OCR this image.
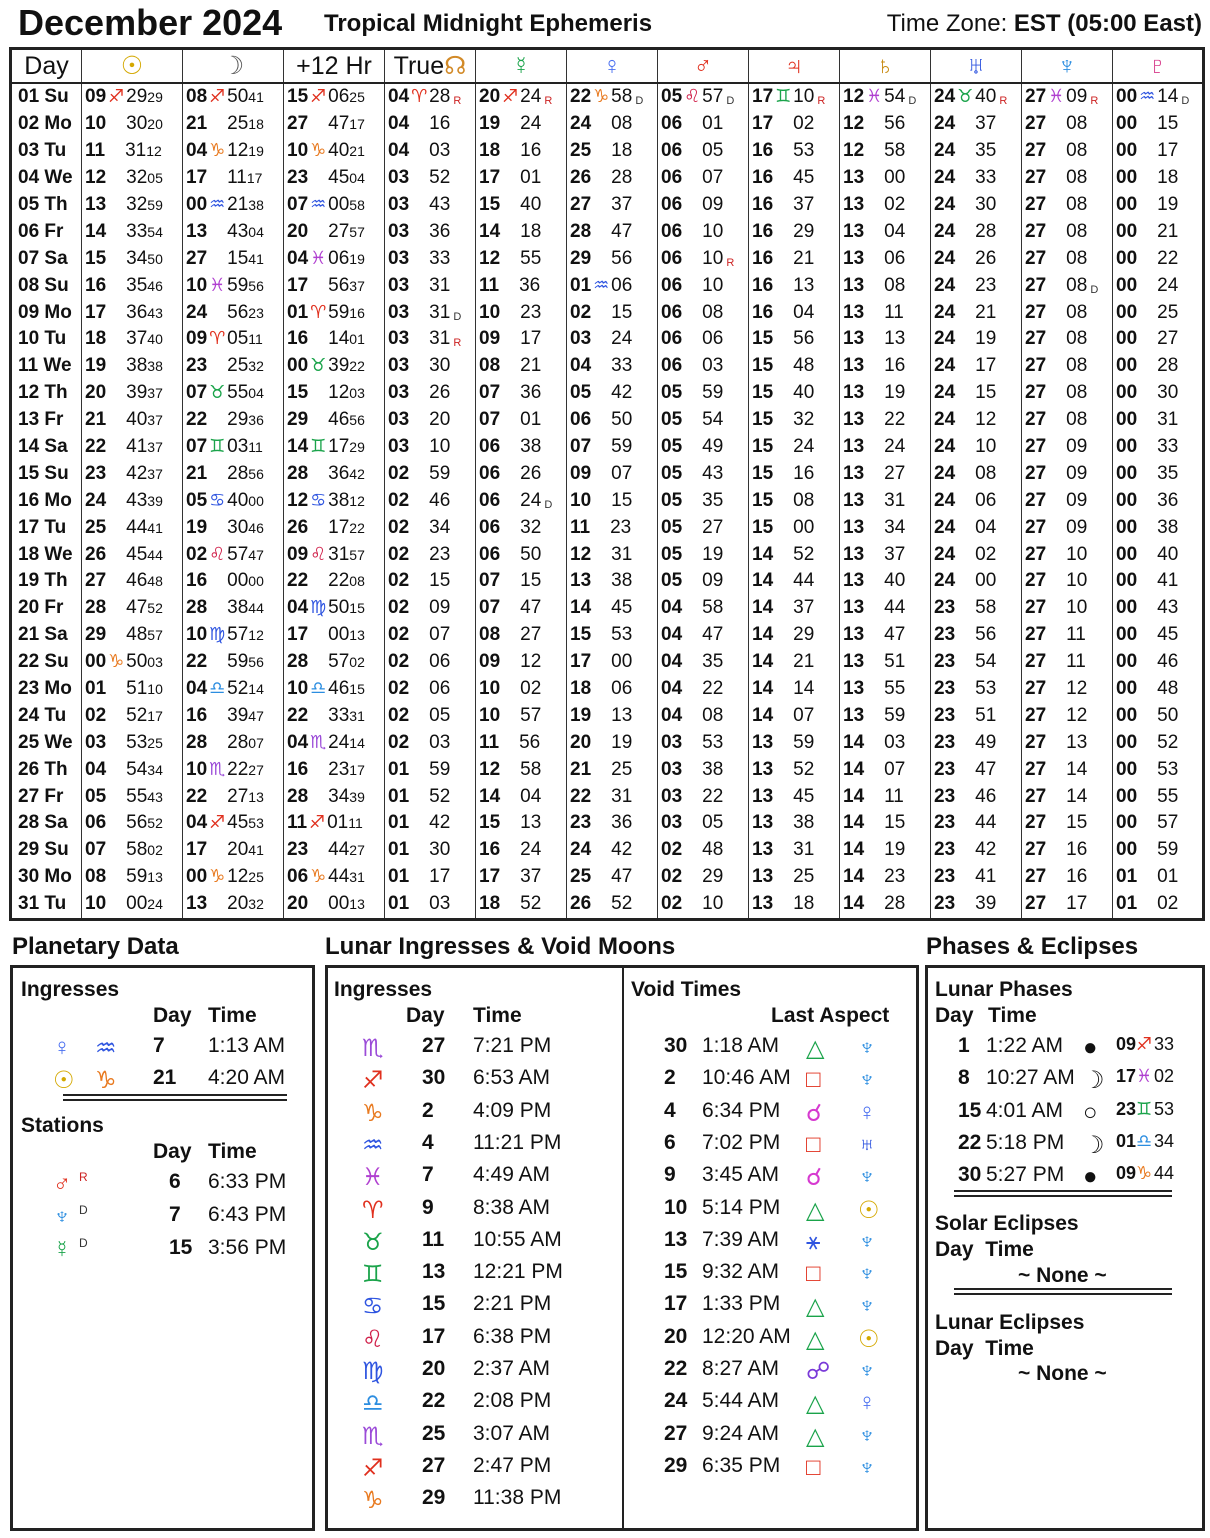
December 2024 Tropical Midnight Ephemeris	Time Zone: EST (05:00 East)
Day	☉	☽	+12 Hr	True☊	☿	♀	♂	♃	♄	♅	♆	♇
01 Su	09 ♐ 2929	08 ♐ 5041	15 ♐ 0625	04 ♈ 28 R	20 ♐ 24 R	22 ♑ 58 D	05 ♌ 57 D	17 ♊ 10 R	12 ♓ 54 D	24 ♉ 40 R	27 ♓ 09 R	00 ♒ 14 D
02 Mo	10 3020	21 2518	27 4717	04 16	19 24	24 08	06 01	17 02	12 56	24 37	27 08	00 15
03 Tu	11 3112	04 ♑ 1219	10 ♑ 4021	04 03	18 16	25 18	06 05	16 53	12 58	24 35	27 08	00 17
04 We	12 3205	17 1117	23 4504	03 52	17 01	26 28	06 07	16 45	13 00	24 33	27 08	00 18
05 Th	13 3259	00 ♒ 2138	07 ♒ 0058	03 43	15 40	27 37	06 09	16 37	13 02	24 30	27 08	00 19
06 Fr	14 3354	13 4304	20 2757	03 36	14 18	28 47	06 10	16 29	13 04	24 28	27 08	00 21
07 Sa	15 3450	27 1541	04 ♓ 0619	03 33	12 55	29 56	06 10 R	16 21	13 06	24 26	27 08	00 22
08 Su	16 3546	10 ♓ 5956	17 5637	03 31	11 36	01 ♒ 06	06 10	16 13	13 08	24 23	27 08 D	00 24
09 Mo	17 3643	24 5623	01 ♈ 5916	03 31 D	10 23	02 15	06 08	16 04	13 11	24 21	27 08	00 25
10 Tu	18 3740	09 ♈ 0511	16 1401	03 31 R	09 17	03 24	06 06	15 56	13 13	24 19	27 08	00 27
11 We	19 3838	23 2532	00 ♉ 3922	03 30	08 21	04 33	06 03	15 48	13 16	24 17	27 08	00 28
12 Th	20 3937	07 ♉ 5504	15 1203	03 26	07 36	05 42	05 59	15 40	13 19	24 15	27 08	00 30
13 Fr	21 4037	22 2936	29 4656	03 20	07 01	06 50	05 54	15 32	13 22	24 12	27 08	00 31
14 Sa	22 4137	07 ♊ 0311	14 ♊ 1729	03 10	06 38	07 59	05 49	15 24	13 24	24 10	27 09	00 33
15 Su	23 4237	21 2856	28 3642	02 59	06 26	09 07	05 43	15 16	13 27	24 08	27 09	00 35
16 Mo	24 4339	05 ♋ 4000	12 ♋ 3812	02 46	06 24 D	10 15	05 35	15 08	13 31	24 06	27 09	00 36
17 Tu	25 4441	19 3046	26 1722	02 34	06 32	11 23	05 27	15 00	13 34	24 04	27 09	00 38
18 We	26 4544	02 ♌ 5747	09 ♌ 3157	02 23	06 50	12 31	05 19	14 52	13 37	24 02	27 10	00 40
19 Th	27 4648	16 0000	22 2208	02 15	07 15	13 38	05 09	14 44	13 40	24 00	27 10	00 41
20 Fr	28 4752	28 3844	04 ♍ 5015	02 09	07 47	14 45	04 58	14 37	13 44	23 58	27 10	00 43
21 Sa	29 4857	10 ♍ 5712	17 0013	02 07	08 27	15 53	04 47	14 29	13 47	23 56	27 11	00 45
22 Su	00 ♑ 5003	22 5956	28 5702	02 06	09 12	17 00	04 35	14 21	13 51	23 54	27 11	00 46
23 Mo	01 5110	04 ♎ 5214	10 ♎ 4615	02 06	10 02	18 06	04 22	14 14	13 55	23 53	27 12	00 48
24 Tu	02 5217	16 3947	22 3331	02 05	10 57	19 13	04 08	14 07	13 59	23 51	27 12	00 50
25 We	03 5325	28 2807	04 ♏ 2414	02 03	11 56	20 19	03 53	13 59	14 03	23 49	27 13	00 52
26 Th	04 5434	10 ♏ 2227	16 2317	01 59	12 58	21 25	03 38	13 52	14 07	23 47	27 14	00 53
27 Fr	05 5543	22 2713	28 3439	01 52	14 04	22 31	03 22	13 45	14 11	23 46	27 14	00 55
28 Sa	06 5652	04 ♐ 4553	11 ♐ 0111	01 42	15 13	23 36	03 05	13 38	14 15	23 44	27 15	00 57
29 Su	07 5802	17 2041	23 4427	01 30	16 24	24 42	02 48	13 31	14 19	23 42	27 16	00 59
30 Mo	08 5913	00 ♑ 1225	06 ♑ 4431	01 17	17 37	25 47	02 29	13 25	14 23	23 41	27 16	01 01
31 Tu	10 0024	13 2032	20 0013	01 03	18 52	26 52	02 10	13 18	14 28	23 39	27 17	01 02
Planetary Data
Ingresses
Day Time
♀ ♒ 7 1:13 AM
☉ ♑ 21 4:20 AM
Stations
Day Time
♂ R	6 6:33 PM
♆ D	7 6:43 PM
☿ D	15 3:56 PM
Lunar Ingresses & Void Moons
Ingresses
Day Time
♏ 27 7:21 PM
♐ 30 6:53 AM
♑ 2 4:09 PM
♒ 4 11:21 PM
♓ 7 4:49 AM
♈ 9 8:38 AM
♉ 11 10:55 AM
♊ 13 12:21 PM
♋ 15 2:21 PM
♌ 17 6:38 PM
♍ 20 2:37 AM
♎ 22 2:08 PM
♏ 25 3:07 AM
♐ 27 2:47 PM
♑ 29 11:38 PM
Void Times
Last Aspect
30 1:18 AM △ ♆
2 10:46 AM □ ♆
4 6:34 PM ☌ ♀
6 7:02 PM □ ♅
9 3:45 AM ☌ ♆
10 5:14 PM △ ☉
13 7:39 AM ⚹ ♆
15 9:32 AM □ ♆
17 1:33 PM △ ♆
20 12:20 AM △ ☉
22 8:27 AM ☍ ♆
24 5:44 AM △ ♀
27 9:24 AM △ ♆
29 6:35 PM □ ♆
Phases & Eclipses
Lunar Phases
Day Time
1 1:22 AM ● 09 ♐ 33
8 10:27 AM ☽ 17 ♓ 02
15 4:01 AM ○ 23 ♊ 53
22 5:18 PM ☽ 01 ♎ 34
30 5:27 PM ● 09 ♑ 44
Solar Eclipses
Day Time
~ None ~
Lunar Eclipses
Day Time
~ None ~
